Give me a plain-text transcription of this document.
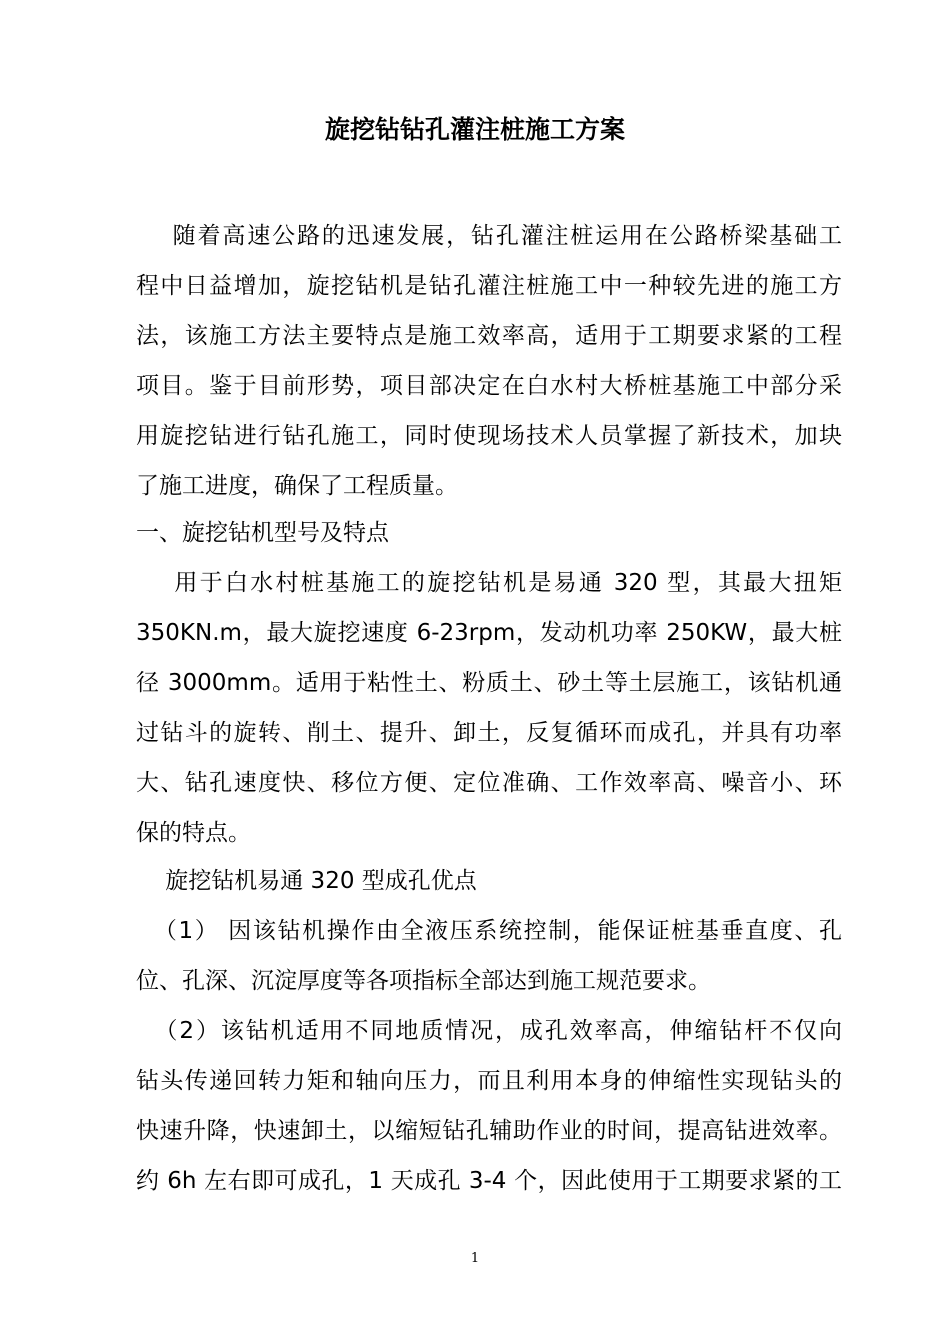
旋挖钻钻孔灌注桩施工方案
随着高速公路的迅速发展，钻孔灌注桩运用在公路桥梁基础工
程中日益增加，旋挖钻机是钻孔灌注桩施工中一种较先进的施工方
法，该施工方法主要特点是施工效率高，适用于工期要求紧的工程
项目。鉴于目前形势，项目部决定在白水村大桥桩基施工中部分采
用旋挖钻进行钻孔施工，同时使现场技术人员掌握了新技术，加块
了施工进度，确保了工程质量。
一、旋挖钻机型号及特点
用于白水村桩基施工的旋挖钻机是易通 320 型，其最大扭矩
350KN.m，最大旋挖速度 6-23rpm，发动机功率 250KW，最大桩
径 3000mm。适用于粘性土、粉质土、砂土等土层施工，该钻机通
过钻斗的旋转、削土、提升、卸土，反复循环而成孔，并具有功率
大、钻孔速度快、移位方便、定位准确、工作效率高、噪音小、环
保的特点。
旋挖钻机易通 320 型成孔优点
（1） 因该钻机操作由全液压系统控制，能保证桩基垂直度、孔
位、孔深、沉淀厚度等各项指标全部达到施工规范要求。
（2）该钻机适用不同地质情况，成孔效率高，伸缩钻杆不仅向
钻头传递回转力矩和轴向压力，而且利用本身的伸缩性实现钻头的
快速升降，快速卸土，以缩短钻孔辅助作业的时间，提高钻进效率。
约 6h 左右即可成孔，1 天成孔 3-4 个，因此使用于工期要求紧的工
1
